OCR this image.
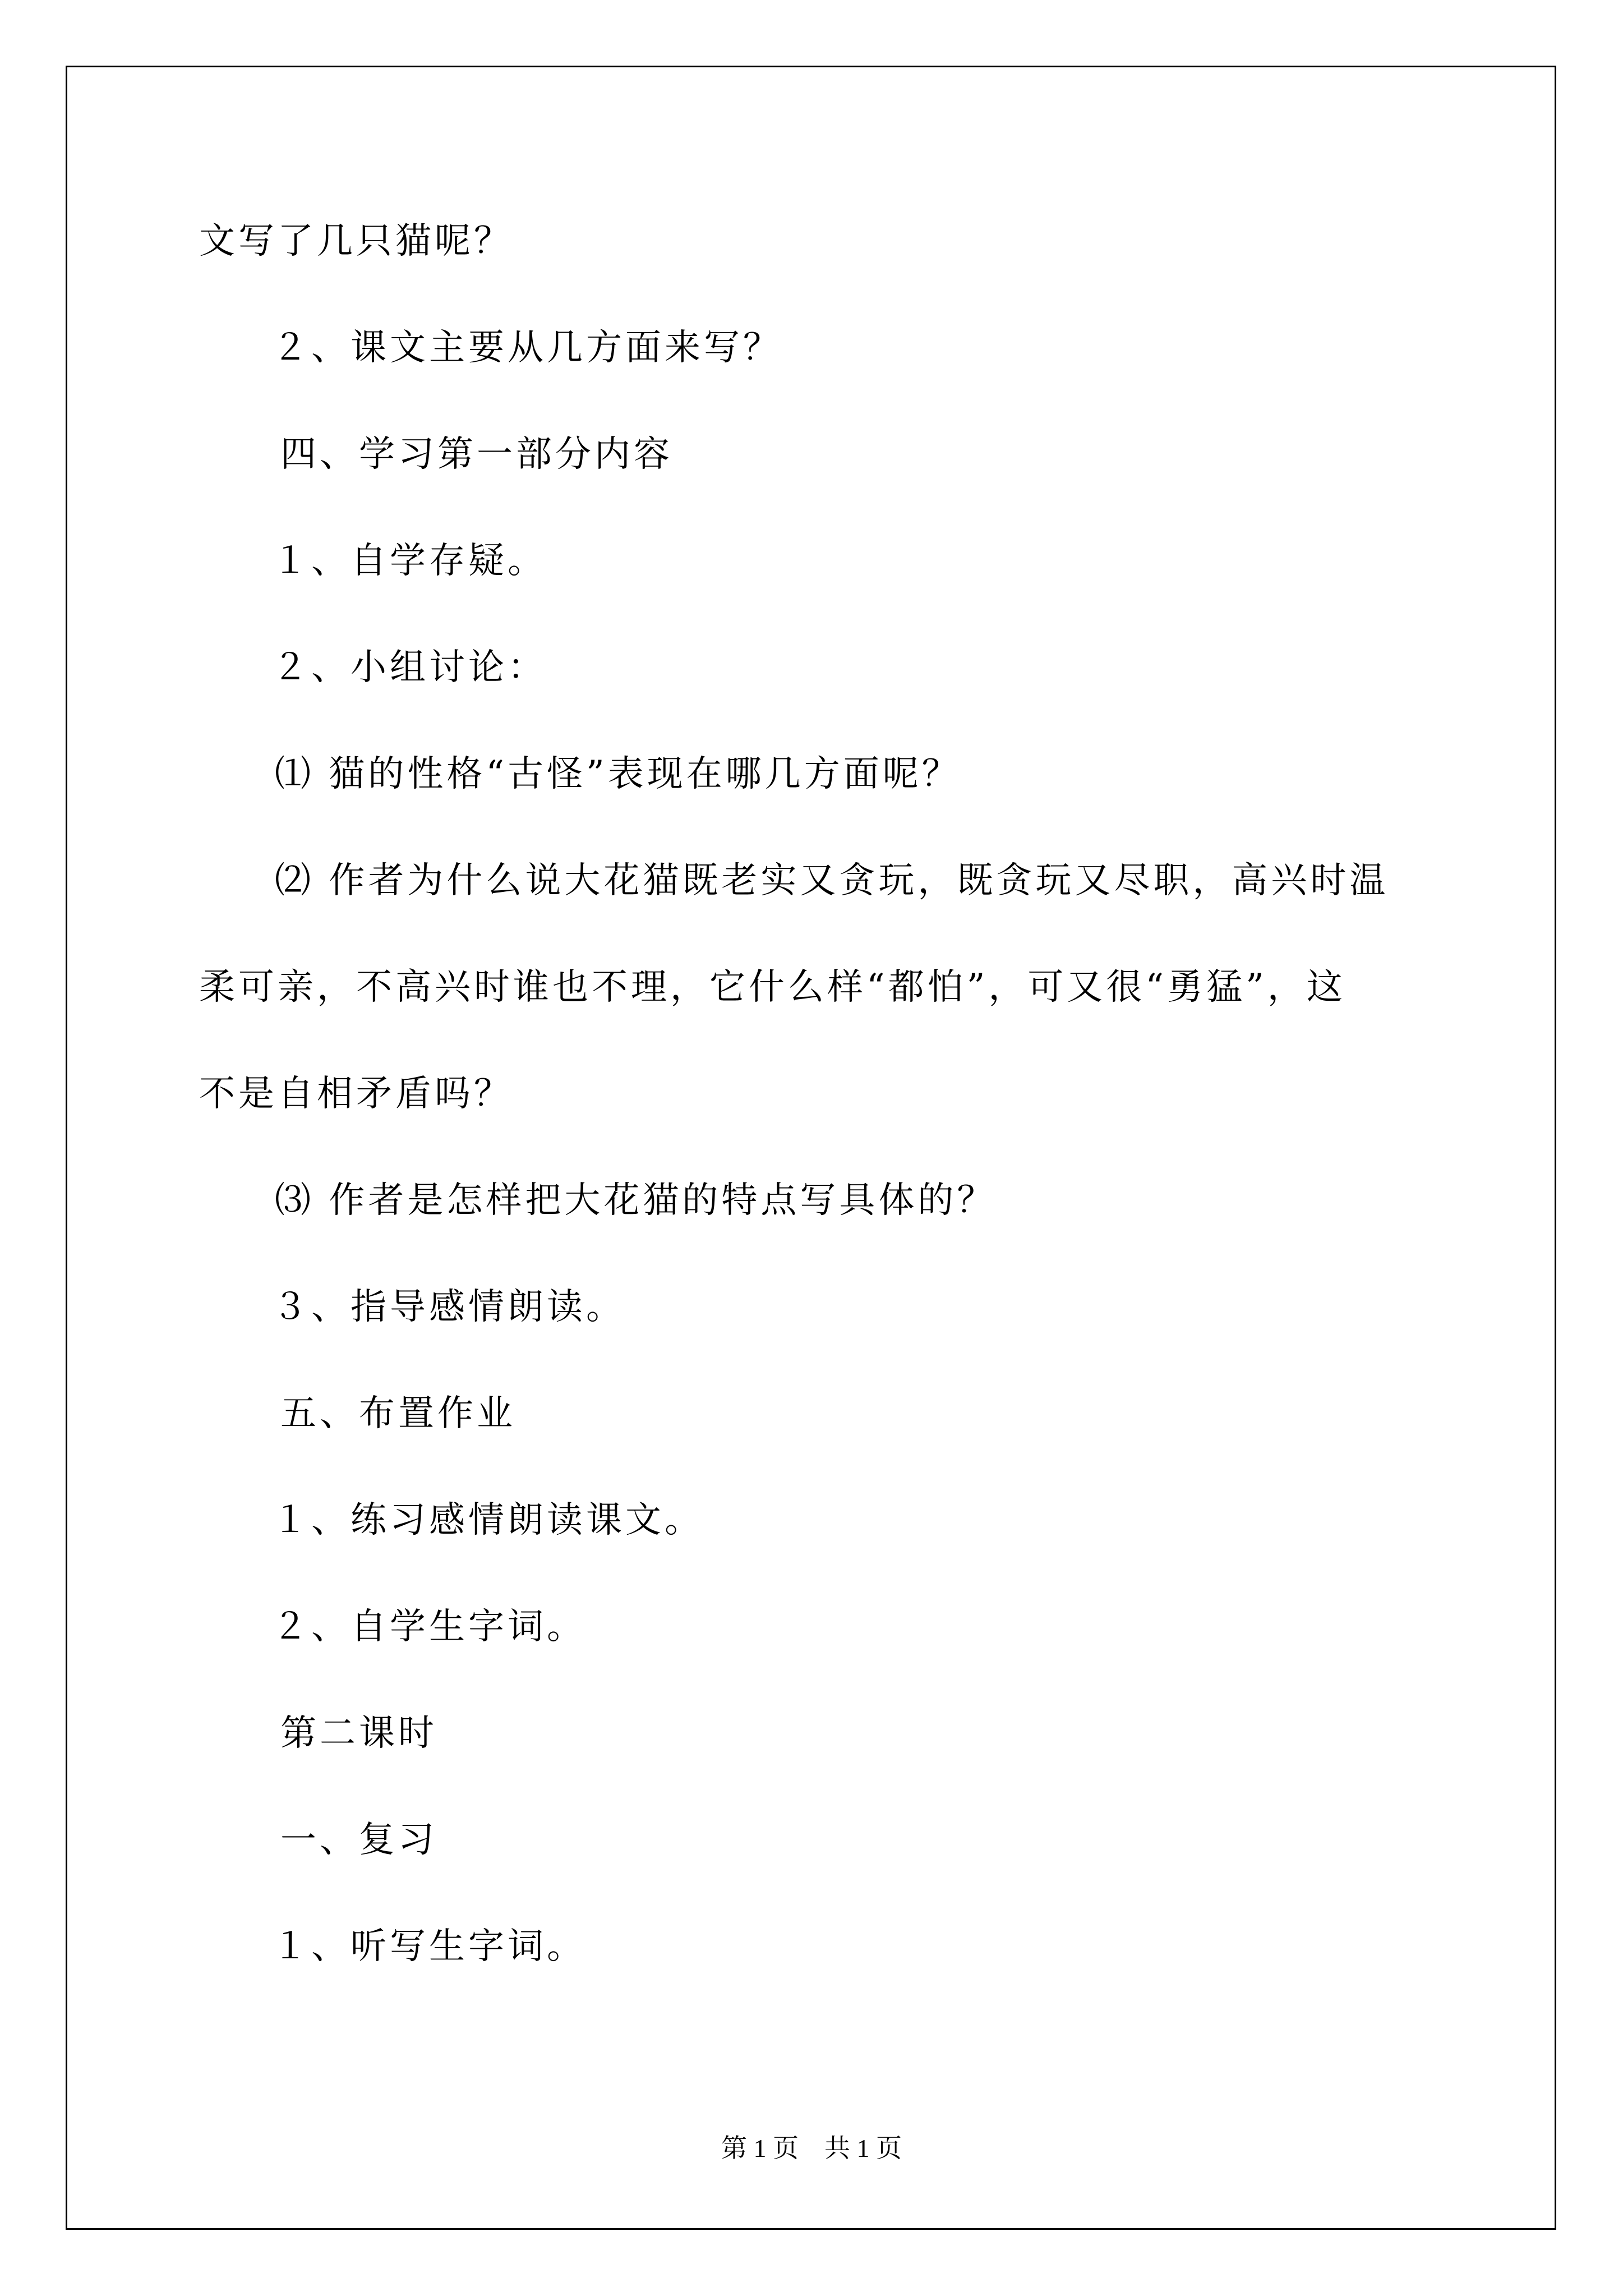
文写了几只猫呢？
２、课文主要从几方面来写？
四、学习第一部分内容
１、自学存疑。
２、小组讨论：
⑴ 猫的性格“古怪”表现在哪几方面呢？
⑵ 作者为什么说大花猫既老实又贪玩，既贪玩又尽职，高兴时温
柔可亲，不高兴时谁也不理，它什么样“都怕”，可又很“勇猛”，这
不是自相矛盾吗？
⑶ 作者是怎样把大花猫的特点写具体的？
３、指导感情朗读。
五、布置作业
１、练习感情朗读课文。
２、自学生字词。
第二课时
一、复习
１、听写生字词。
第 1 页　共 1 页
